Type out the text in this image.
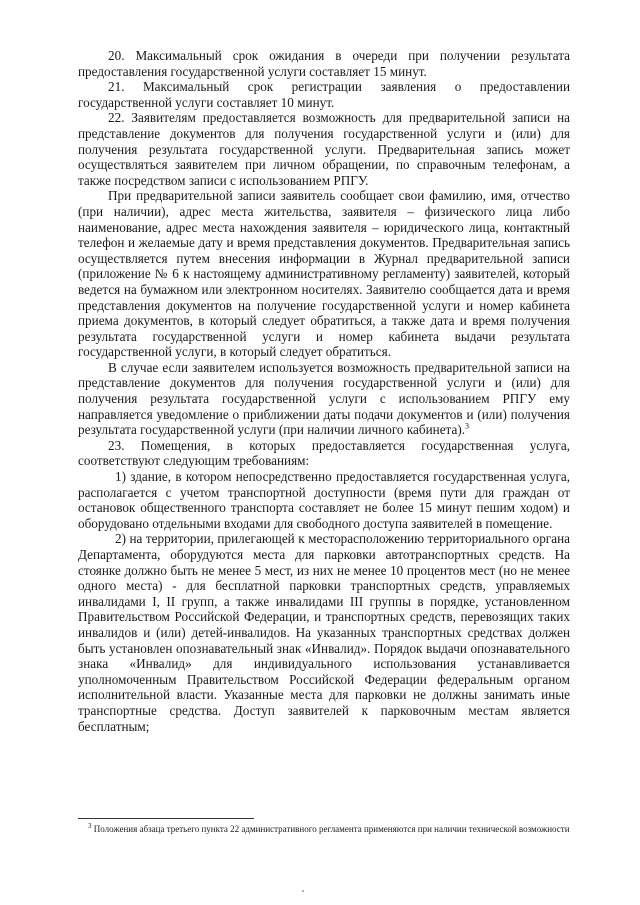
20. Максимальный срок ожидания в очереди при получении результата предоставления государственной услуги составляет 15 минут.

21. Максимальный срок регистрации заявления о предоставлении государственной услуги составляет 10 минут.

22. Заявителям предоставляется возможность для предварительной записи на представление документов для получения государственной услуги и (или) для получения результата государственной услуги. Предварительная запись может осуществляться заявителем при личном обращении, по справочным телефонам, а также посредством записи с использованием РПГУ.

При предварительной записи заявитель сообщает свои фамилию, имя, отчество (при наличии), адрес места жительства, заявителя – физического лица либо наименование, адрес места нахождения заявителя – юридического лица, контактный телефон и желаемые дату и время представления документов. Предварительная запись осуществляется путем внесения информации в Журнал предварительной записи (приложение № 6 к настоящему административному регламенту) заявителей, который ведется на бумажном или электронном носителях. Заявителю сообщается дата и время представления документов на получение государственной услуги и номер кабинета приема документов, в который следует обратиться, а также дата и время получения результата государственной услуги и номер кабинета выдачи результата государственной услуги, в который следует обратиться.

В случае если заявителем используется возможность предварительной записи на представление документов для получения государственной услуги и (или) для получения результата государственной услуги с использованием РПГУ ему направляется уведомление о приближении даты подачи документов и (или) получения результата государственной услуги (при наличии личного кабинета).$^3$

23. Помещения, в которых предоставляется государственная услуга, соответствуют следующим требованиям:

1) здание, в котором непосредственно предоставляется государственная услуга, располагается с учетом транспортной доступности (время пути для граждан от остановок общественного транспорта составляет не более 15 минут пешим ходом) и оборудовано отдельными входами для свободного доступа заявителей в помещение.

2) на территории, прилегающей к месторасположению территориального органа Департамента, оборудуются места для парковки автотранспортных средств. На стоянке должно быть не менее 5 мест, из них не менее 10 процентов мест (но не менее одного места) - для бесплатной парковки транспортных средств, управляемых инвалидами I, II групп, а также инвалидами III группы в порядке, установленном Правительством Российской Федерации, и транспортных средств, перевозящих таких инвалидов и (или) детей-инвалидов. На указанных транспортных средствах должен быть установлен опознавательный знак «Инвалид». Порядок выдачи опознавательного знака «Инвалид» для индивидуального использования устанавливается уполномоченным Правительством Российской Федерации федеральным органом исполнительной власти. Указанные места для парковки не должны занимать иные транспортные средства. Доступ заявителей к парковочным местам является бесплатным;

$^3$ Положения абзаца третьего пункта 22 административного регламента применяются при наличии технической возможности
